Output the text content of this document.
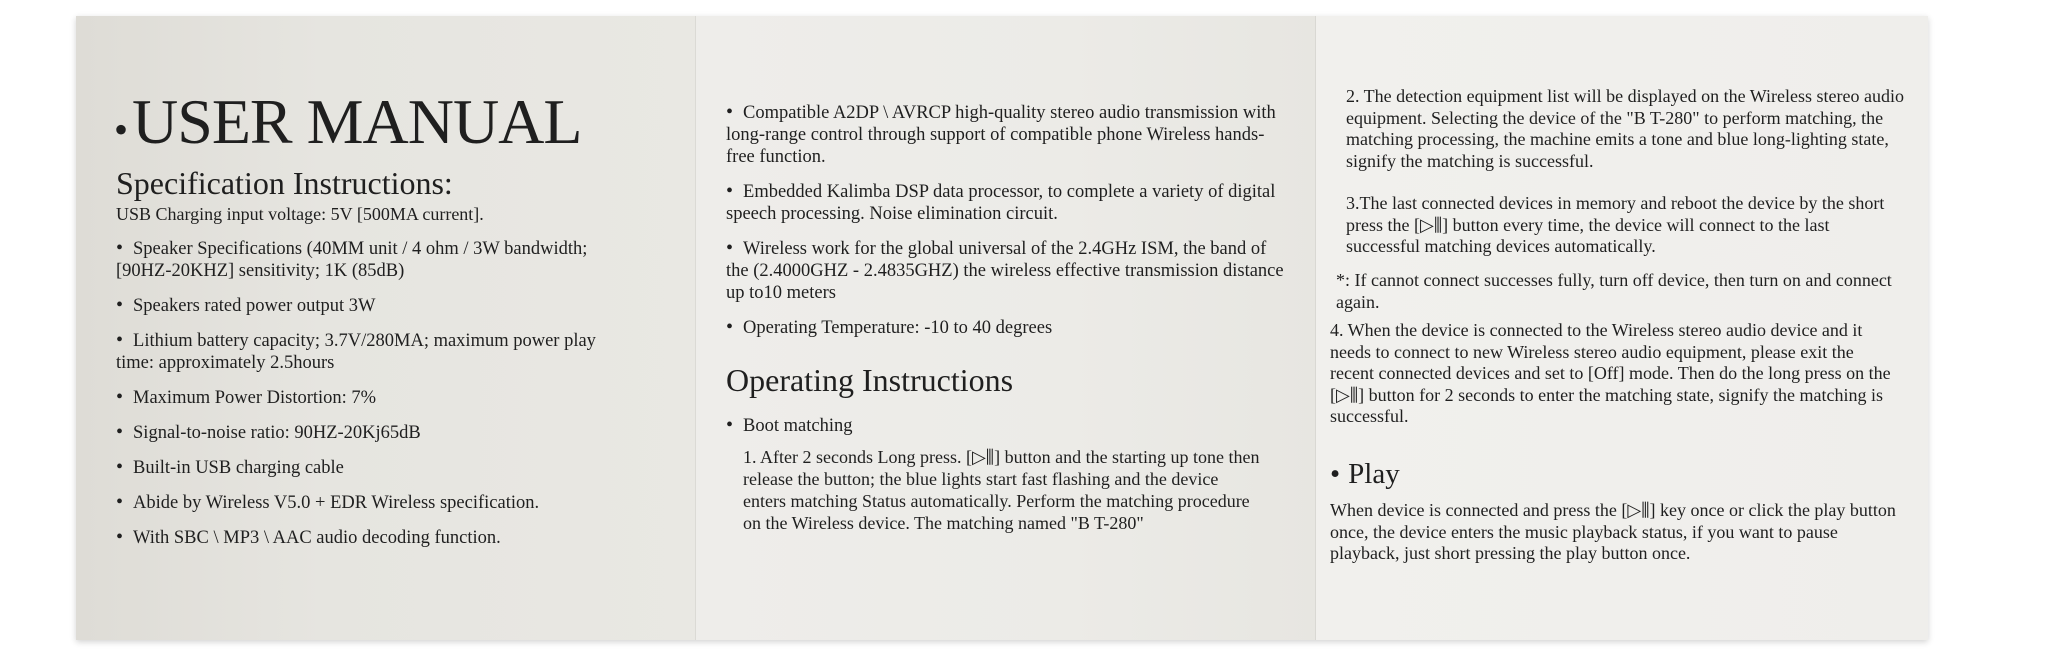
• USER MANUAL
Specification Instructions:
USB Charging input voltage: 5V [500MA current].
• Speaker Specifications (40MM unit / 4 ohm / 3W bandwidth; [90HZ-20KHZ] sensitivity; 1K (85dB)
• Speakers rated power output 3W
• Lithium battery capacity; 3.7V/280MA; maximum power play time: approximately 2.5hours
• Maximum Power Distortion: 7%
• Signal-to-noise ratio: 90HZ-20Kj65dB
• Built-in USB charging cable
• Abide by Wireless V5.0 + EDR Wireless specification.
• With SBC \ MP3 \ AAC audio decoding function.
• Compatible A2DP \ AVRCP high-quality stereo audio transmission with long-range control through support of compatible phone Wireless hands-free function.
• Embedded Kalimba DSP data processor, to complete a variety of digital speech processing. Noise elimination circuit.
• Wireless work for the global universal of the 2.4GHz ISM, the band of the (2.4000GHZ - 2.4835GHZ) the wireless effective transmission distance up to10 meters
• Operating Temperature: -10 to 40 degrees
Operating Instructions
• Boot matching
1. After 2 seconds Long press. [▷⫼] button and the starting up tone then release the button; the blue lights start fast flashing and the device enters matching Status automatically. Perform the matching procedure on the Wireless device. The matching named "B T-280"
2. The detection equipment list will be displayed on the Wireless stereo audio equipment. Selecting the device of the "B T-280" to perform matching, the matching processing, the machine emits a tone and blue long-lighting state, signify the matching is successful.
3.The last connected devices in memory and reboot the device by the short press the [▷⫼] button every time, the device will connect to the last successful matching devices automatically.
*: If cannot connect successes fully, turn off device, then turn on and connect again.
4. When the device is connected to the Wireless stereo audio device and it needs to connect to new Wireless stereo audio equipment, please exit the recent connected devices and set to [Off] mode. Then do the long press on the [▷⫼] button for 2 seconds to enter the matching state, signify the matching is successful.
• Play
When device is connected and press the [▷⫼] key once or click the play button once, the device enters the music playback status, if you want to pause playback, just short pressing the play button once.
